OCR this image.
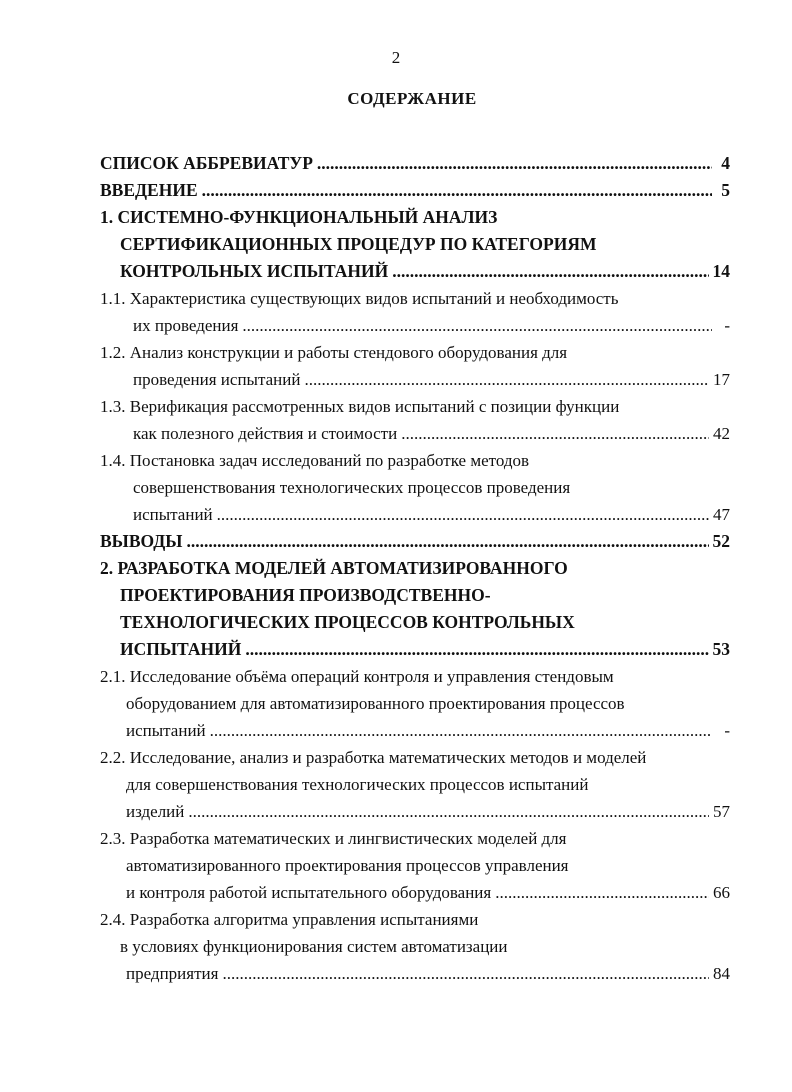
2
СОДЕРЖАНИЕ
СПИСОК АББРЕВИАТУР .....	4
ВВЕДЕНИЕ .....	5
1. СИСТЕМНО-ФУНКЦИОНАЛЬНЫЙ АНАЛИЗ
СЕРТИФИКАЦИОННЫХ ПРОЦЕДУР ПО КАТЕГОРИЯМ
КОНТРОЛЬНЫХ ИСПЫТАНИЙ .....	14
1.1. Характеристика существующих видов испытаний и необходимость
их проведения .....	-
1.2. Анализ конструкции и работы стендового оборудования для
проведения испытаний .....	17
1.3. Верификация рассмотренных видов испытаний с позиции функции
как полезного действия и стоимости .....	42
1.4. Постановка задач исследований по разработке методов
совершенствования технологических процессов проведения
испытаний .....	47
ВЫВОДЫ .....	52
2. РАЗРАБОТКА МОДЕЛЕЙ АВТОМАТИЗИРОВАННОГО
ПРОЕКТИРОВАНИЯ ПРОИЗВОДСТВЕННО-
ТЕХНОЛОГИЧЕСКИХ ПРОЦЕССОВ КОНТРОЛЬНЫХ
ИСПЫТАНИЙ .....	53
2.1. Исследование объёма операций контроля и управления стендовым
оборудованием для автоматизированного проектирования процессов
испытаний .....	-
2.2. Исследование, анализ и разработка математических методов и моделей
для совершенствования технологических процессов испытаний
изделий .....	57
2.3. Разработка математических и лингвистических моделей для
автоматизированного проектирования процессов управления
и контроля работой испытательного оборудования .....	66
2.4. Разработка алгоритма управления испытаниями
в условиях функционирования систем автоматизации
предприятия .....	84
